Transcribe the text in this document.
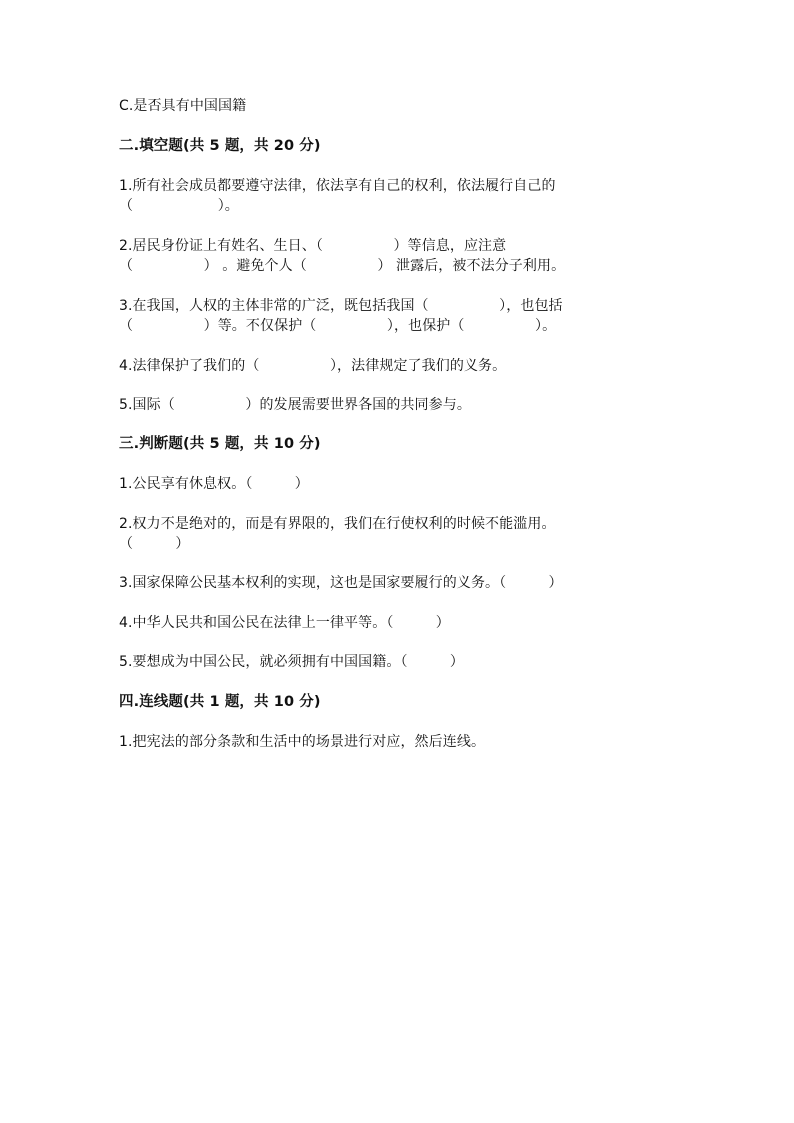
C.是否具有中国国籍
二.填空题(共 5 题，共 20 分)
1.所有社会成员都要遵守法律，依法享有自己的权利，依法履行自己的
（　　　　　　）。
2.居民身份证上有姓名、生日、（　　　　　）等信息，应注意
（　　　　　） 。避免个人（　　　　　） 泄露后，被不法分子利用。
3.在我国，人权的主体非常的广泛，既包括我国（　　　　　），也包括
（　　　　　）等。不仅保护（　　　　　），也保护（　　　　　）。
4.法律保护了我们的（　　　　　），法律规定了我们的义务。
5.国际（　　　　　）的发展需要世界各国的共同参与。
三.判断题(共 5 题，共 10 分)
1.公民享有休息权。（　　　）
2.权力不是绝对的，而是有界限的，我们在行使权利的时候不能滥用。
（　　　）
3.国家保障公民基本权利的实现，这也是国家要履行的义务。（　　　）
4.中华人民共和国公民在法律上一律平等。（　　　）
5.要想成为中国公民，就必须拥有中国国籍。（　　　）
四.连线题(共 1 题，共 10 分)
1.把宪法的部分条款和生活中的场景进行对应，然后连线。
